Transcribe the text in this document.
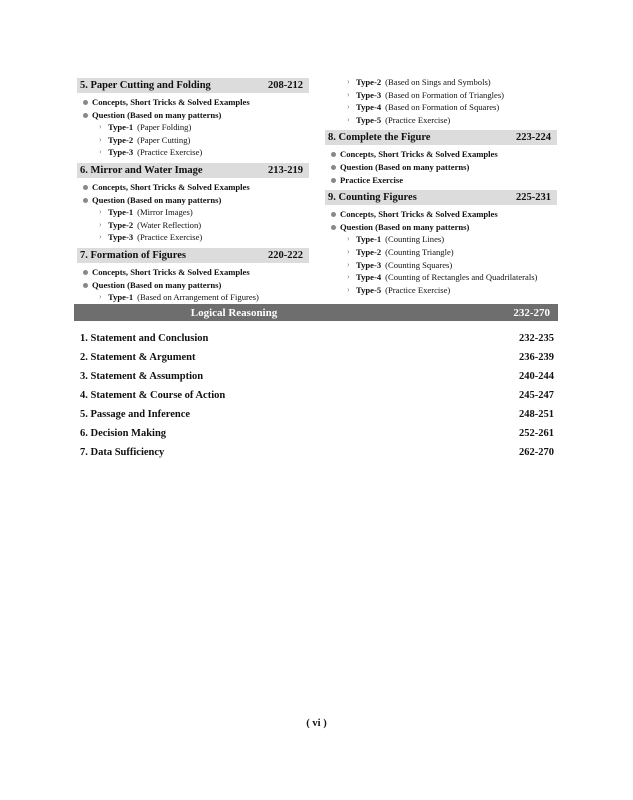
5. Paper Cutting and Folding	208-212
Concepts, Short Tricks & Solved Examples
Question (Based on many patterns)
› Type-1 (Paper Folding)
› Type-2 (Paper Cutting)
› Type-3 (Practice Exercise)
6. Mirror and Water Image	213-219
Concepts, Short Tricks & Solved Examples
Question (Based on many patterns)
› Type-1 (Mirror Images)
› Type-2 (Water Reflection)
› Type-3 (Practice Exercise)
7. Formation of Figures	220-222
Concepts, Short Tricks & Solved Examples
Question (Based on many patterns)
› Type-1 (Based on Arrangement of Figures)
› Type-2 (Based on Sings and Symbols)
› Type-3 (Based on Formation of Triangles)
› Type-4 (Based on Formation of Squares)
› Type-5 (Practice Exercise)
8. Complete the Figure	223-224
Concepts, Short Tricks & Solved Examples
Question (Based on many patterns)
Practice Exercise
9. Counting Figures	225-231
Concepts, Short Tricks & Solved Examples
Question (Based on many patterns)
› Type-1 (Counting Lines)
› Type-2 (Counting Triangle)
› Type-3 (Counting Squares)
› Type-4 (Counting of Rectangles and Quadrilaterals)
› Type-5 (Practice Exercise)
Logical Reasoning	232-270
1. Statement and Conclusion	232-235
2. Statement & Argument	236-239
3. Statement & Assumption	240-244
4. Statement & Course of Action	245-247
5. Passage and Inference	248-251
6. Decision Making	252-261
7. Data Sufficiency	262-270
( vi )
